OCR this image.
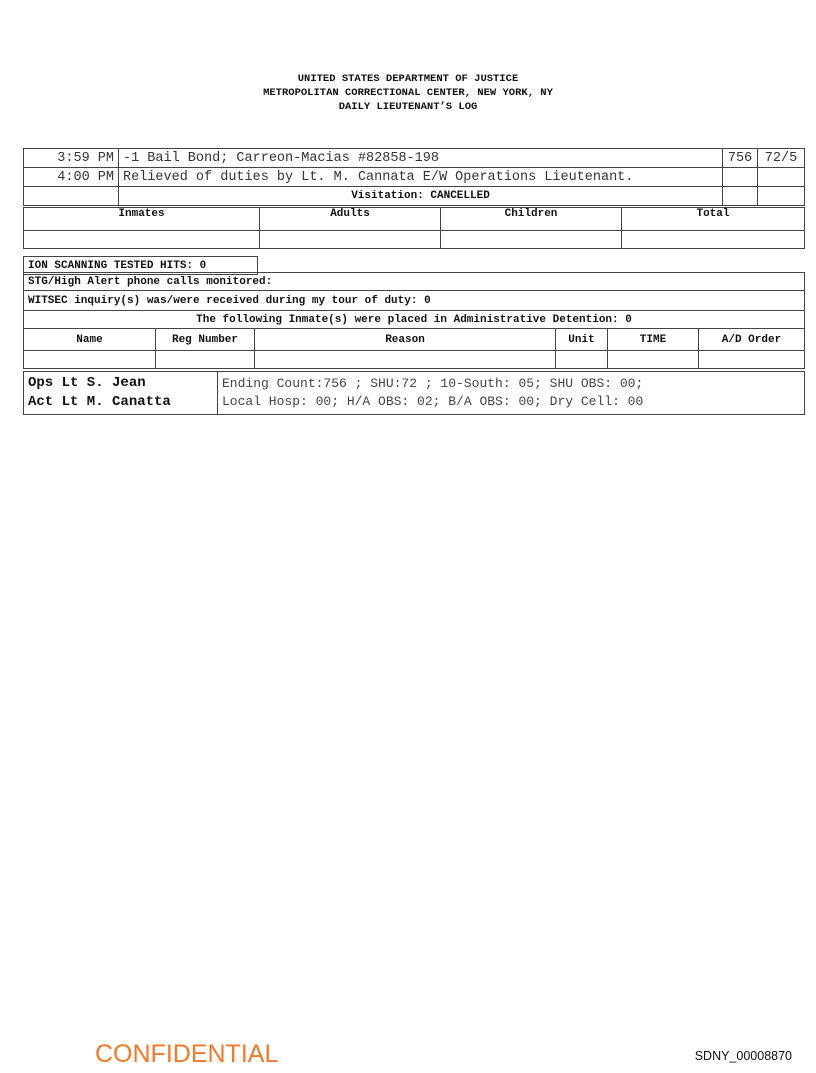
UNITED STATES DEPARTMENT OF JUSTICE
METROPOLITAN CORRECTIONAL CENTER, NEW YORK, NY
DAILY LIEUTENANT’S LOG
3:59 PM	-1 Bail Bond; Carreon-Macias #82858-198	756	72/5
4:00 PM	Relieved of duties by Lt. M. Cannata E/W Operations Lieutenant.		
	Visitation: CANCELLED		
Inmates	Adults	Children	Total

ION SCANNING TESTED HITS: 0
STG/High Alert phone calls monitored:
WITSEC inquiry(s) was/were received during my tour of duty: 0
The following Inmate(s) were placed in Administrative Detention: 0
Name	Reg Number	Reason	Unit	TIME	A/D Order

Ops Lt S. Jean
Act Lt M. Canatta

Ending Count:756 ; SHU:72 ; 10-South: 05; SHU OBS: 00;
Local Hosp: 00; H/A OBS: 02; B/A OBS: 00; Dry Cell: 00
CONFIDENTIAL	SDNY_00008870
